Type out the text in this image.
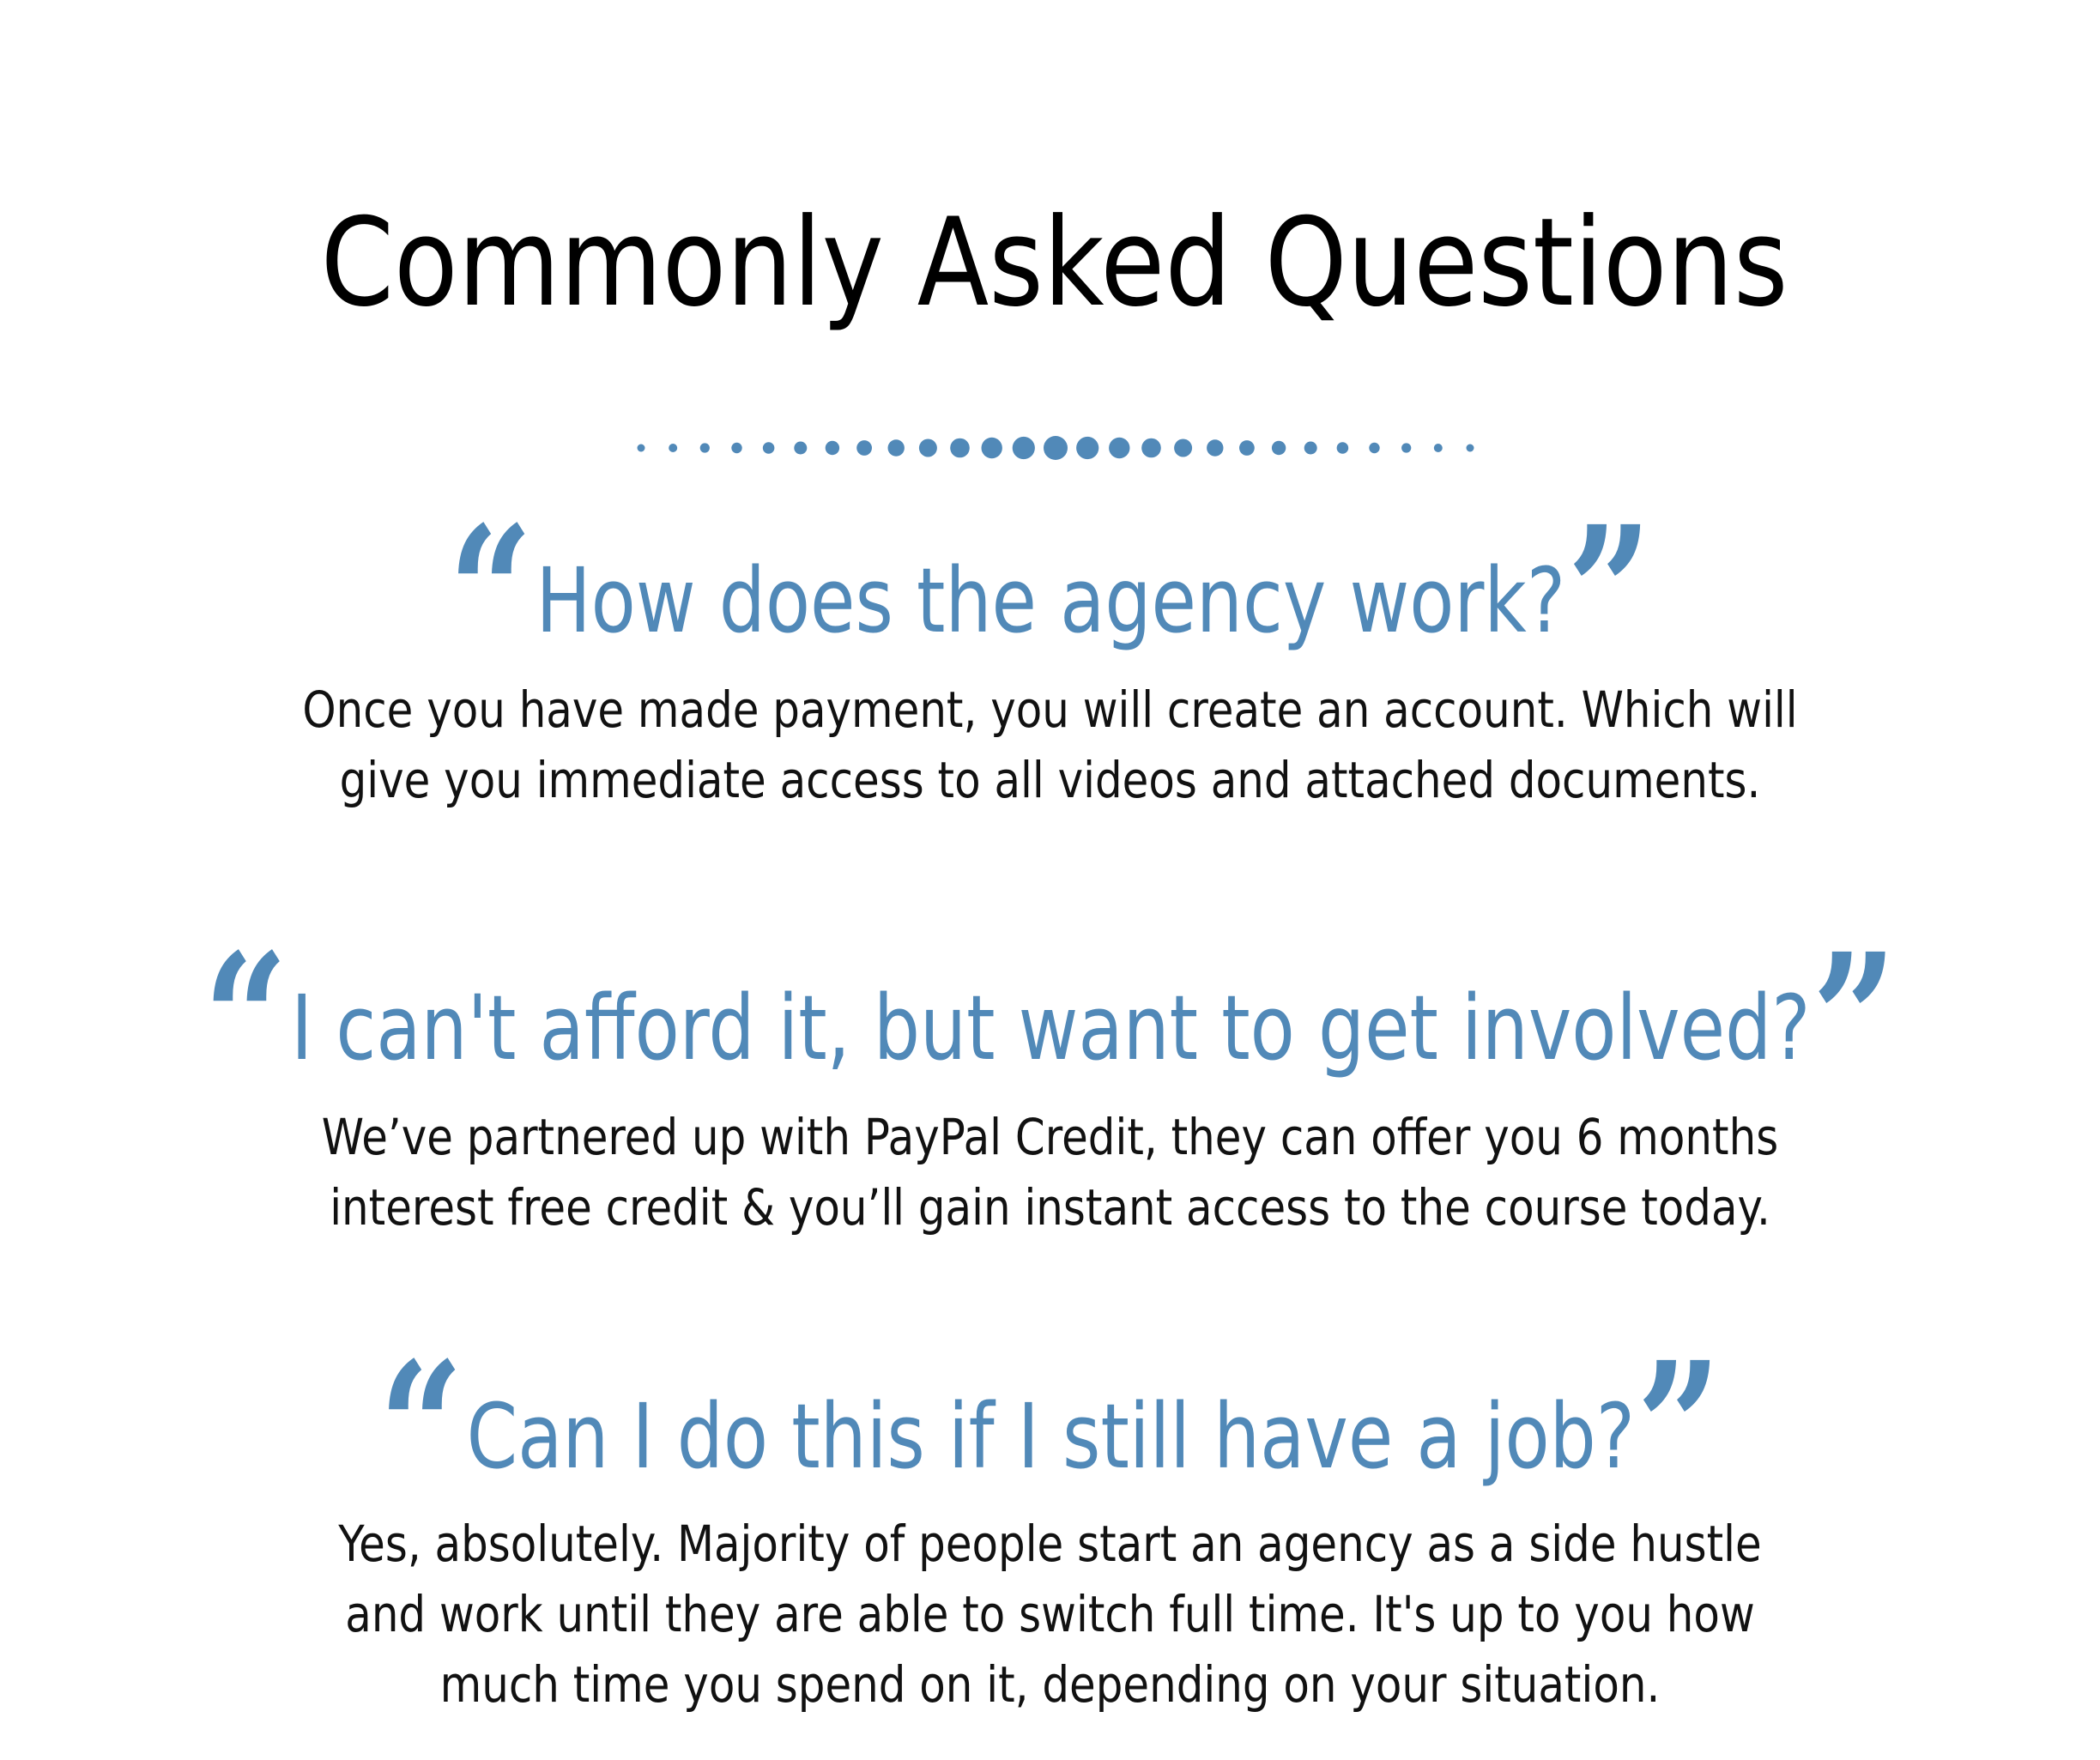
Commonly Asked Questions
“How does the agency work?”
Once you have made payment, you will create an account. Which will
give you immediate access to all videos and attached documents.
“I can't afford it, but want to get involved?”
We’ve partnered up with PayPal Credit, they can offer you 6 months
interest free credit & you’ll gain instant access to the course today.
“Can I do this if I still have a job?”
Yes, absolutely. Majority of people start an agency as a side hustle
and work until they are able to switch full time. It's up to you how
much time you spend on it, depending on your situation.
